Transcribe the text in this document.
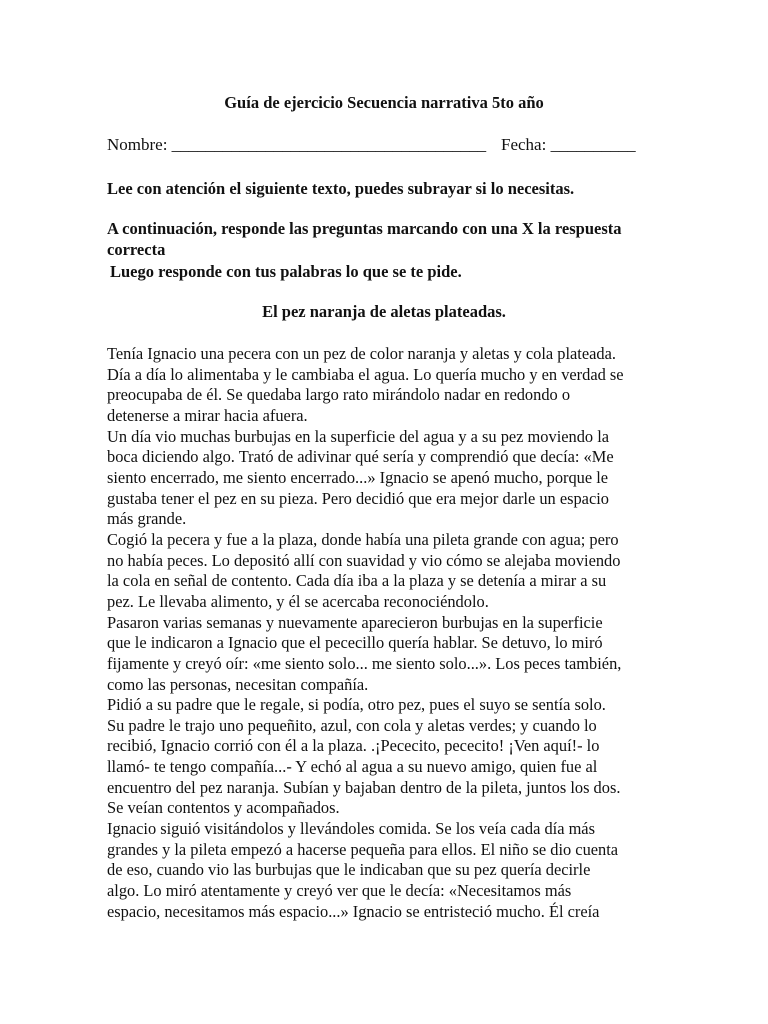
Guía de ejercicio Secuencia narrativa 5to año
Nombre: _____________________________________ Fecha: __________
Lee con atención el siguiente texto, puedes subrayar si lo necesitas.
A continuación, responde las preguntas marcando con una X la respuesta
correcta
Luego responde con tus palabras lo que se te pide.
El pez naranja de aletas plateadas.
Tenía Ignacio una pecera con un pez de color naranja y aletas y cola plateada.
Día a día lo alimentaba y le cambiaba el agua. Lo quería mucho y en verdad se
preocupaba de él. Se quedaba largo rato mirándolo nadar en redondo o
detenerse a mirar hacia afuera.
Un día vio muchas burbujas en la superficie del agua y a su pez moviendo la
boca diciendo algo. Trató de adivinar qué sería y comprendió que decía: «Me
siento encerrado, me siento encerrado...» Ignacio se apenó mucho, porque le
gustaba tener el pez en su pieza. Pero decidió que era mejor darle un espacio
más grande.
Cogió la pecera y fue a la plaza, donde había una pileta grande con agua; pero
no había peces. Lo depositó allí con suavidad y vio cómo se alejaba moviendo
la cola en señal de contento. Cada día iba a la plaza y se detenía a mirar a su
pez. Le llevaba alimento, y él se acercaba reconociéndolo.
Pasaron varias semanas y nuevamente aparecieron burbujas en la superficie
que le indicaron a Ignacio que el pececillo quería hablar. Se detuvo, lo miró
fijamente y creyó oír: «me siento solo... me siento solo...». Los peces también,
como las personas, necesitan compañía.
Pidió a su padre que le regale, si podía, otro pez, pues el suyo se sentía solo.
Su padre le trajo uno pequeñito, azul, con cola y aletas verdes; y cuando lo
recibió, Ignacio corrió con él a la plaza. .¡Pececito, pececito! ¡Ven aquí!- lo
llamó- te tengo compañía...- Y echó al agua a su nuevo amigo, quien fue al
encuentro del pez naranja. Subían y bajaban dentro de la pileta, juntos los dos.
Se veían contentos y acompañados.
Ignacio siguió visitándolos y llevándoles comida. Se los veía cada día más
grandes y la pileta empezó a hacerse pequeña para ellos. El niño se dio cuenta
de eso, cuando vio las burbujas que le indicaban que su pez quería decirle
algo. Lo miró atentamente y creyó ver que le decía: «Necesitamos más
espacio, necesitamos más espacio...» Ignacio se entristeció mucho. Él creía
